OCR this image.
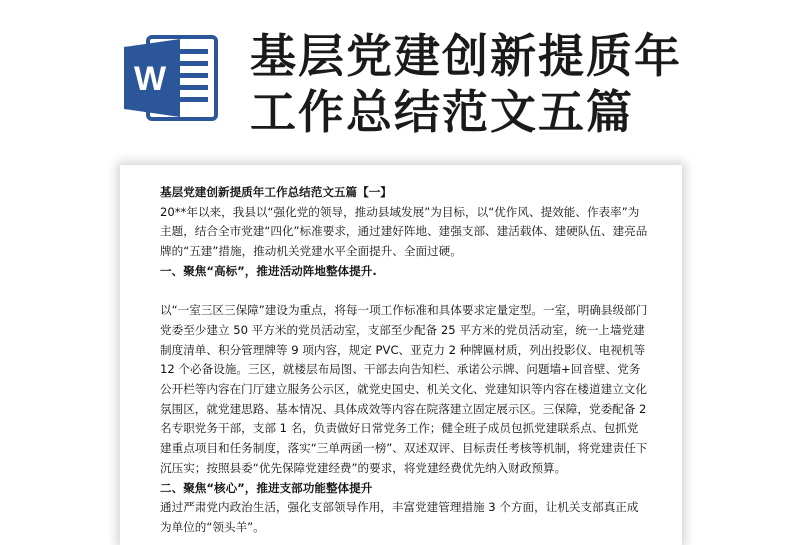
W 基层党建创新提质年
工作总结范文五篇

基层党建创新提质年工作总结范文五篇【一】

20**年以来，我县以“强化党的领导，推动县域发展”为目标，以“优作风、提效能、作表率”为主题，结合全市党建“四化”标准要求，通过建好阵地、建强支部、建活载体、建硬队伍、建亮品牌的“五建”措施，推动机关党建水平全面提升、全面过硬。

一、聚焦“高标”，推进活动阵地整体提升.

以“一室三区三保障”建设为重点，将每一项工作标准和具体要求定量定型。一室，明确县级部门党委至少建立 50 平方米的党员活动室，支部至少配备 25 平方米的党员活动室，统一上墙党建制度清单、积分管理牌等 9 项内容，规定 PVC、亚克力 2 种牌匾材质，列出投影仪、电视机等 12 个必备设施。三区，就楼层布局图、干部去向告知栏、承诺公示牌、问题墙+回音壁、党务公开栏等内容在门厅建立服务公示区，就党史国史、机关文化、党建知识等内容在楼道建立文化氛围区，就党建思路、基本情况、具体成效等内容在院落建立固定展示区。三保障，党委配备 2 名专职党务干部，支部 1 名，负责做好日常党务工作；健全班子成员包抓党建联系点、包抓党建重点项目和任务制度，落实“三单两函一榜”、双述双评、目标责任考核等机制，将党建责任下沉压实；按照县委“优先保障党建经费”的要求，将党建经费优先纳入财政预算。

二、聚焦“核心”，推进支部功能整体提升

通过严肃党内政治生活，强化支部领导作用，丰富党建管理措施 3 个方面，让机关支部真正成为单位的“领头羊”。
